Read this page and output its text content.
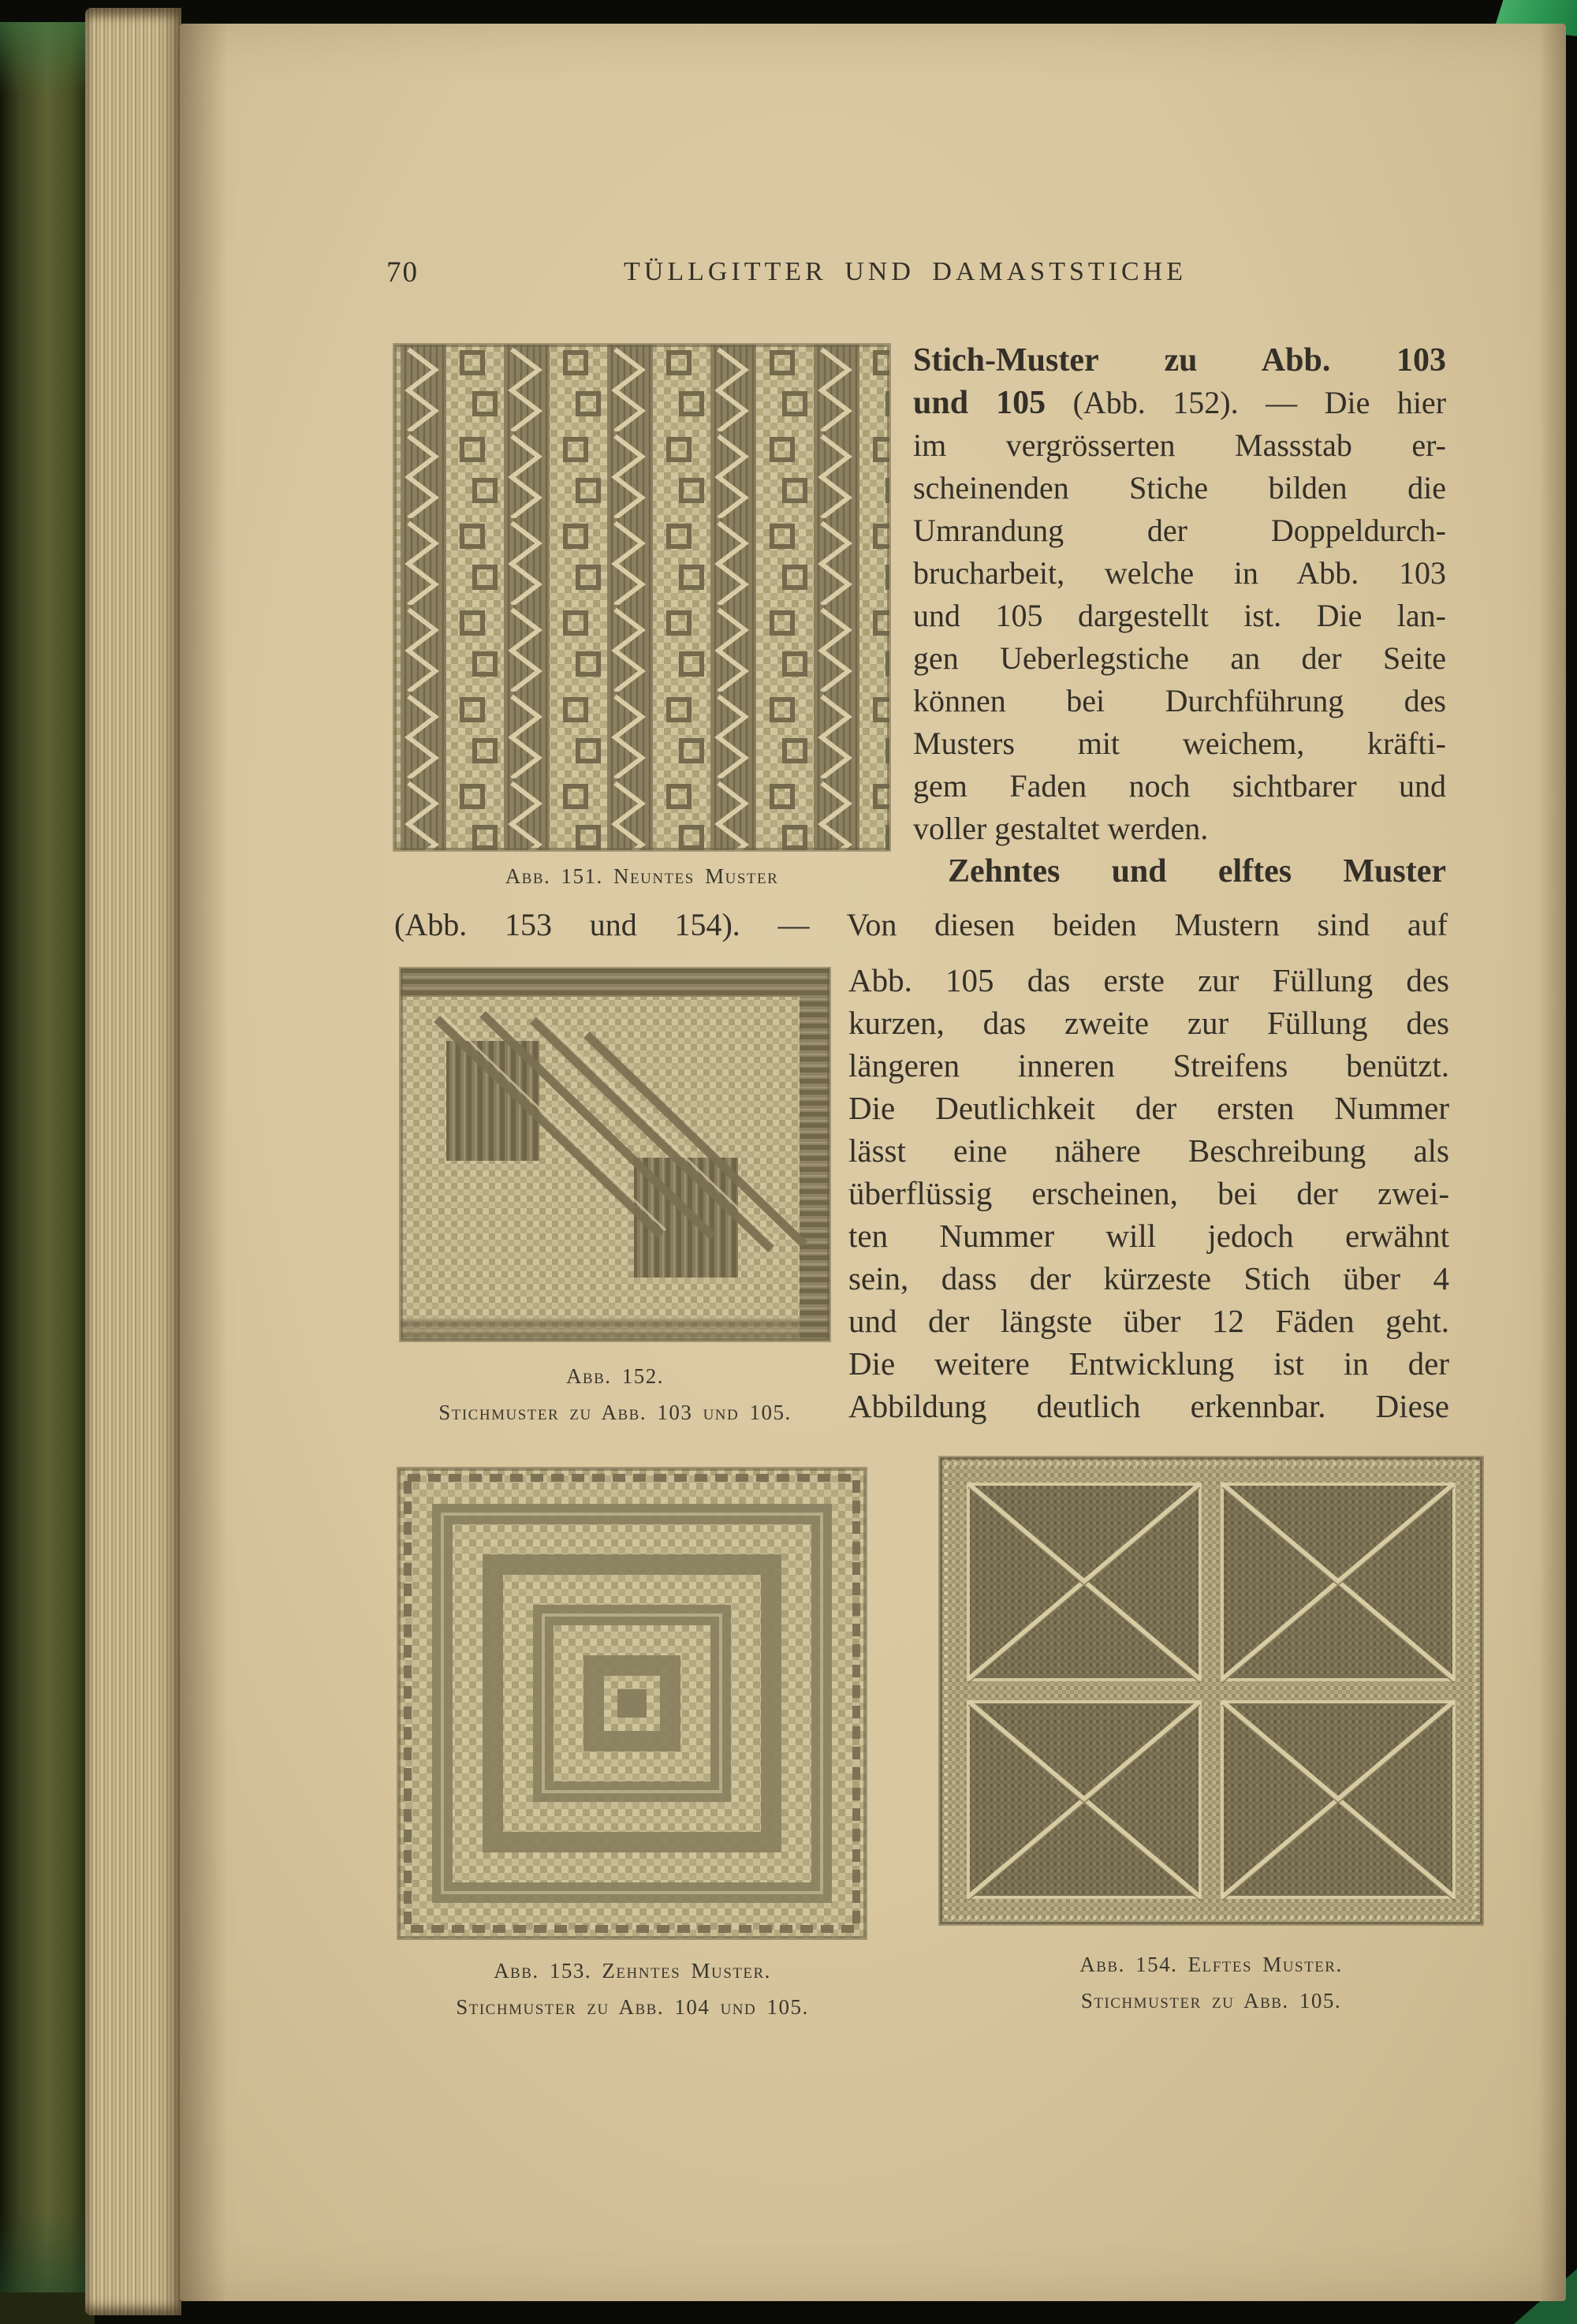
70	TÜLLGITTER UND DAMASTSTICHE
Abb. 151. Neuntes Muster
Stich-Muster zu Abb. 103
und 105 (Abb. 152). — Die hier
im vergrösserten Massstab er-
scheinenden Stiche bilden die
Umrandung der Doppeldurch-
brucharbeit, welche in Abb. 103
und 105 dargestellt ist. Die lan-
gen Ueberlegstiche an der Seite
können bei Durchführung des
Musters mit weichem, kräfti-
gem Faden noch sichtbarer und
voller gestaltet werden.
Zehntes und elftes Muster
(Abb. 153 und 154). — Von diesen beiden Mustern sind auf
Abb. 152.
Stichmuster zu Abb. 103 und 105.
Abb. 105 das erste zur Füllung des
kurzen, das zweite zur Füllung des
längeren inneren Streifens benützt.
Die Deutlichkeit der ersten Nummer
lässt eine nähere Beschreibung als
überflüssig erscheinen, bei der zwei-
ten Nummer will jedoch erwähnt
sein, dass der kürzeste Stich über 4
und der längste über 12 Fäden geht.
Die weitere Entwicklung ist in der
Abbildung deutlich erkennbar. Diese
Abb. 153. Zehntes Muster.
Stichmuster zu Abb. 104 und 105.
Abb. 154. Elftes Muster.
Stichmuster zu Abb. 105.
